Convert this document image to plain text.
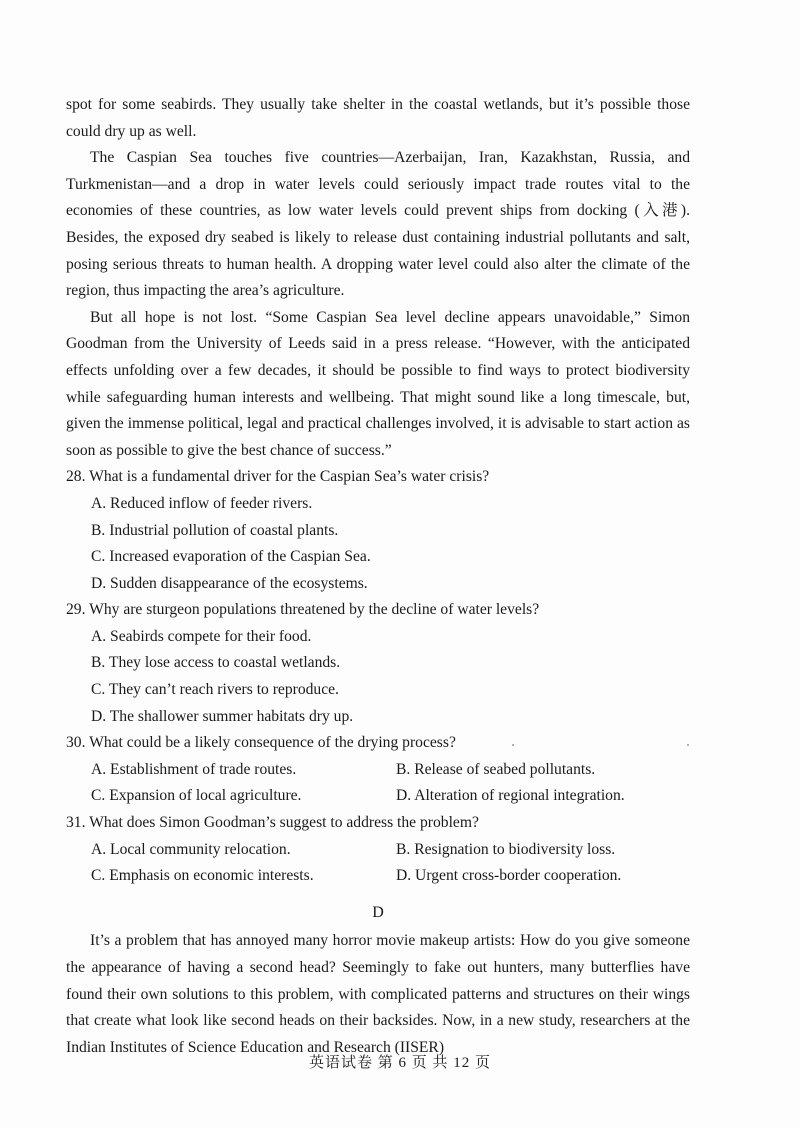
spot for some seabirds. They usually take shelter in the coastal wetlands, but it’s possible those could dry up as well.

The Caspian Sea touches five countries—Azerbaijan, Iran, Kazakhstan, Russia, and Turkmenistan—and a drop in water levels could seriously impact trade routes vital to the economies of these countries, as low water levels could prevent ships from docking (入港). Besides, the exposed dry seabed is likely to release dust containing industrial pollutants and salt, posing serious threats to human health. A dropping water level could also alter the climate of the region, thus impacting the area’s agriculture.

But all hope is not lost. “Some Caspian Sea level decline appears unavoidable,” Simon Goodman from the University of Leeds said in a press release. “However, with the anticipated effects unfolding over a few decades, it should be possible to find ways to protect biodiversity while safeguarding human interests and wellbeing. That might sound like a long timescale, but, given the immense political, legal and practical challenges involved, it is advisable to start action as soon as possible to give the best chance of success.”

28. What is a fundamental driver for the Caspian Sea’s water crisis?

A. Reduced inflow of feeder rivers.

B. Industrial pollution of coastal plants.

C. Increased evaporation of the Caspian Sea.

D. Sudden disappearance of the ecosystems.

29. Why are sturgeon populations threatened by the decline of water levels?

A. Seabirds compete for their food.

B. They lose access to coastal wetlands.

C. They can’t reach rivers to reproduce.

D. The shallower summer habitats dry up.

30. What could be a likely consequence of the drying process?

A. Establishment of trade routes.	B. Release of seabed pollutants.
C. Expansion of local agriculture.	D. Alteration of regional integration.

31. What does Simon Goodman’s suggest to address the problem?

A. Local community relocation.	B. Resignation to biodiversity loss.
C. Emphasis on economic interests.	D. Urgent cross-border cooperation.
D

It’s a problem that has annoyed many horror movie makeup artists: How do you give someone the appearance of having a second head? Seemingly to fake out hunters, many butterflies have found their own solutions to this problem, with complicated patterns and structures on their wings that create what look like second heads on their backsides. Now, in a new study, researchers at the Indian Institutes of Science Education and Research (IISER)

英语试卷 第 6 页 共 12 页
